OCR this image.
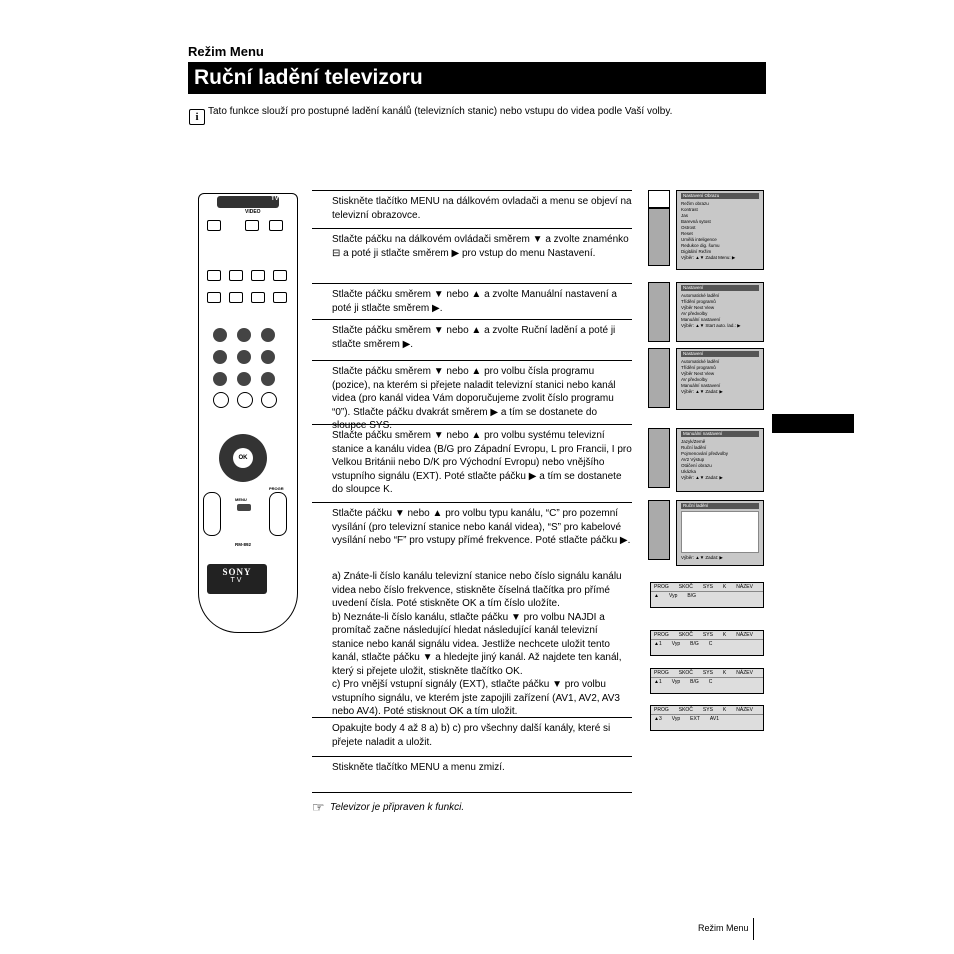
Režim Menu
Ruční ladění televizoru
i Tato funkce slouží pro postupné ladění kanálů (televizních stanic) nebo vstupu do videa podle Vaší volby.
VIDEO
TV
OK
MENU
PROGR
RM-892
SONY
TV
Stiskněte tlačítko MENU na dálkovém ovladači a menu se objeví na televizní obrazovce.
Stlačte páčku na dálkovém ovládači směrem ▼ a zvolte znaménko ⊟ a poté ji stlačte směrem ▶ pro vstup do menu Nastavení.
Stlačte páčku směrem ▼ nebo ▲ a zvolte Manuální nastavení a poté ji stlačte směrem ▶.
Stlačte páčku směrem ▼ nebo ▲ a zvolte Ruční ladění a poté ji stlačte směrem ▶.
Stlačte páčku směrem ▼ nebo ▲ pro volbu čísla programu (pozice), na kterém si přejete naladit televizní stanici nebo kanál videa (pro kanál videa Vám doporučujeme zvolit číslo programu “0”). Stlačte páčku dvakrát směrem ▶ a tím se dostanete do sloupce SYS.
Stlačte páčku směrem ▼ nebo ▲ pro volbu systému televizní stanice a kanálu videa (B/G pro Západní Evropu, L pro Francii, I pro Velkou Británii nebo D/K pro Východní Evropu) nebo vnějšího vstupního signálu (EXT). Poté stlačte páčku ▶ a tím se dostanete do sloupce K.
Stlačte páčku ▼ nebo ▲ pro volbu typu kanálu, “C” pro pozemní vysílání (pro televizní stanice nebo kanál videa), “S” pro kabelové vysílání nebo “F” pro vstupy přímé frekvence. Poté stlačte páčku ▶.
a) Znáte-li číslo kanálu televizní stanice nebo číslo signálu kanálu videa nebo číslo frekvence, stiskněte číselná tlačítka pro přímé uvedení čísla. Poté stiskněte OK a tím číslo uložíte.
b) Neznáte-li číslo kanálu, stlačte páčku ▼ pro volbu NAJDI a promítač začne následující hledat následující kanál televizní stanice nebo kanál signálu videa. Jestliže nechcete uložit tento kanál, stlačte páčku ▼ a hledejte jiný kanál. Až najdete ten kanál, který si přejete uložit, stiskněte tlačítko OK.
c) Pro vnější vstupní signály (EXT), stlačte páčku ▼ pro volbu vstupního signálu, ve kterém jste zapojili zařízení (AV1, AV2, AV3 nebo AV4). Poté stisknout OK a tím uložit.
Opakujte body 4 až 8 a) b) c) pro všechny další kanály, které si přejete naladit a uložit.
Stiskněte tlačítko MENU a menu zmizí.
☞ Televizor je připraven k funkci.
Nastavení Obrazu
Režim obrazu
Kontrast
Jas
Barevná sytost
Ostrost
Reset
Umělá inteligence
Redukce dig. šumu
Digitální Režim
Výběr: ▲▼ Zadat Menu: ▶
Nastavení
Automatické ladění
Třídění programů
Výběr Next View
AV předvolby
Manuální nastavení
Výběr: ▲▼ Start auto. lad.: ▶
Nastavení
Automatické ladění
Třídění programů
Výběr Next View
AV předvolby
Manuální nastavení
Výběr: ▲▼ Zadat: ▶
Manuální nastavení
Jazyk/Země
Ruční ladění
Pojmenování předvolby
AV2 Výstup
Otáčení obrazu
Ukázka
Výběr: ▲▼ Zadat: ▶
Ruční ladění
Výběr: ▲▼ Zadat: ▶
PROG SKOČ SYS K NÁZEV
▲ Vyp B/G
PROG SKOČ SYS K NÁZEV
▲1 Vyp B/G C
PROG SKOČ SYS K NÁZEV
▲1 Vyp B/G C
PROG SKOČ SYS K NÁZEV
▲3 Vyp EXT AV1
Režim Menu
